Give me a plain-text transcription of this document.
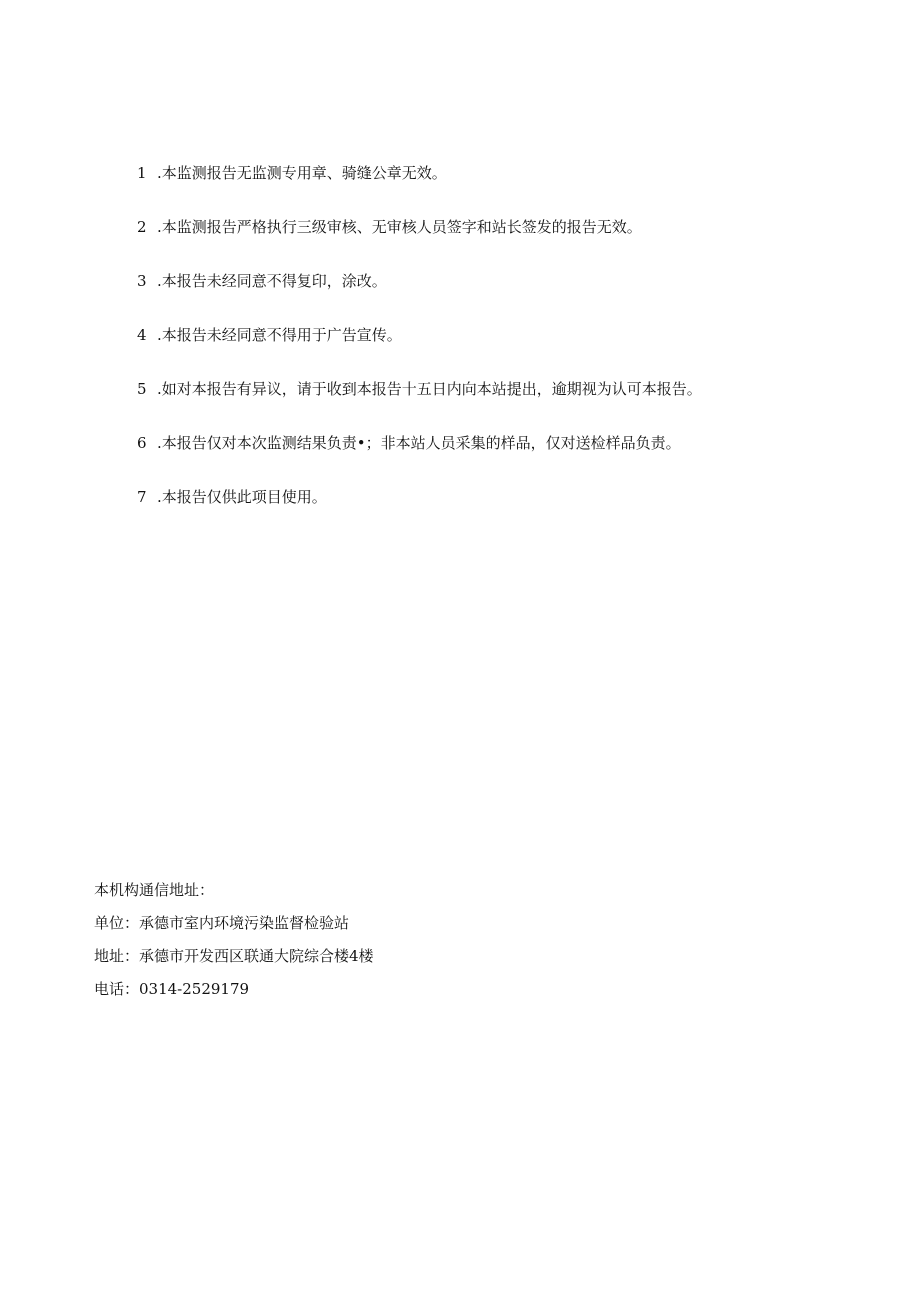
1 .本监测报告无监测专用章、骑缝公章无效。
2 .本监测报告严格执行三级审核、无审核人员签字和站长签发的报告无效。
3 .本报告未经同意不得复印，涂改。
4 .本报告未经同意不得用于广告宣传。
5 .如对本报告有异议，请于收到本报告十五日内向本站提出，逾期视为认可本报告。
6 .本报告仅对本次监测结果负责•；非本站人员采集的样品，仅对送检样品负责。
7 .本报告仅供此项目使用。
本机构通信地址：
单位：承德市室内环境污染监督检验站
地址：承德市开发西区联通大院综合楼4楼
电话：0314-2529179
